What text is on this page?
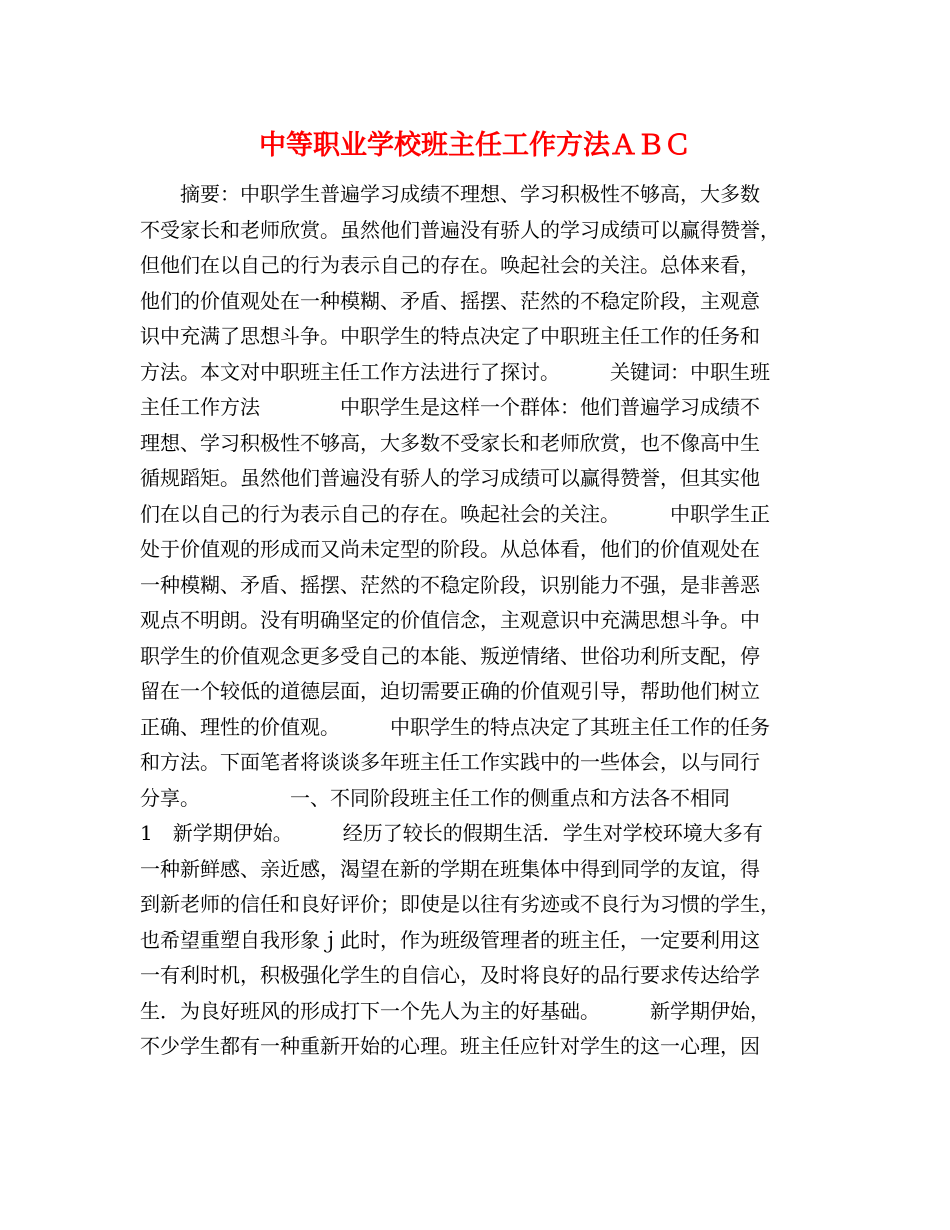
中等职业学校班主任工作方法ＡＢＣ
　　摘要：中职学生普遍学习成绩不理想、学习积极性不够高，大多数
不受家长和老师欣赏。虽然他们普遍没有骄人的学习成绩可以赢得赞誉，
但他们在以自己的行为表示自己的存在。唤起社会的关注。总体来看，
他们的价值观处在一种模糊、矛盾、摇摆、茫然的不稳定阶段，主观意
识中充满了思想斗争。中职学生的特点决定了中职班主任工作的任务和
方法。本文对中职班主任工作方法进行了探讨。　　　关键词：中职生班
主任工作方法　　　　中职学生是这样一个群体：他们普遍学习成绩不
理想、学习积极性不够高，大多数不受家长和老师欣赏，也不像高中生
循规蹈矩。虽然他们普遍没有骄人的学习成绩可以赢得赞誉，但其实他
们在以自己的行为表示自己的存在。唤起社会的关注。　　　中职学生正
处于价值观的形成而又尚未定型的阶段。从总体看，他们的价值观处在
一种模糊、矛盾、摇摆、茫然的不稳定阶段，识别能力不强，是非善恶
观点不明朗。没有明确坚定的价值信念，主观意识中充满思想斗争。中
职学生的价值观念更多受自己的本能、叛逆情绪、世俗功利所支配，停
留在一个较低的道德层面，迫切需要正确的价值观引导，帮助他们树立
正确、理性的价值观。　　　中职学生的特点决定了其班主任工作的任务
和方法。下面笔者将谈谈多年班主任工作实践中的一些体会，以与同行
分享。　　　　　一、不同阶段班主任工作的侧重点和方法各不相同
1　新学期伊始。　　　经历了较长的假期生活．学生对学校环境大多有
一种新鲜感、亲近感，渴望在新的学期在班集体中得到同学的友谊，得
到新老师的信任和良好评价；即使是以往有劣迹或不良行为习惯的学生，
也希望重塑自我形象ｊ此时，作为班级管理者的班主任，一定要利用这
一有利时机，积极强化学生的自信心，及时将良好的品行要求传达给学
生．为良好班风的形成打下一个先人为主的好基础。　　　新学期伊始，
不少学生都有一种重新开始的心理。班主任应针对学生的这一心理，因
